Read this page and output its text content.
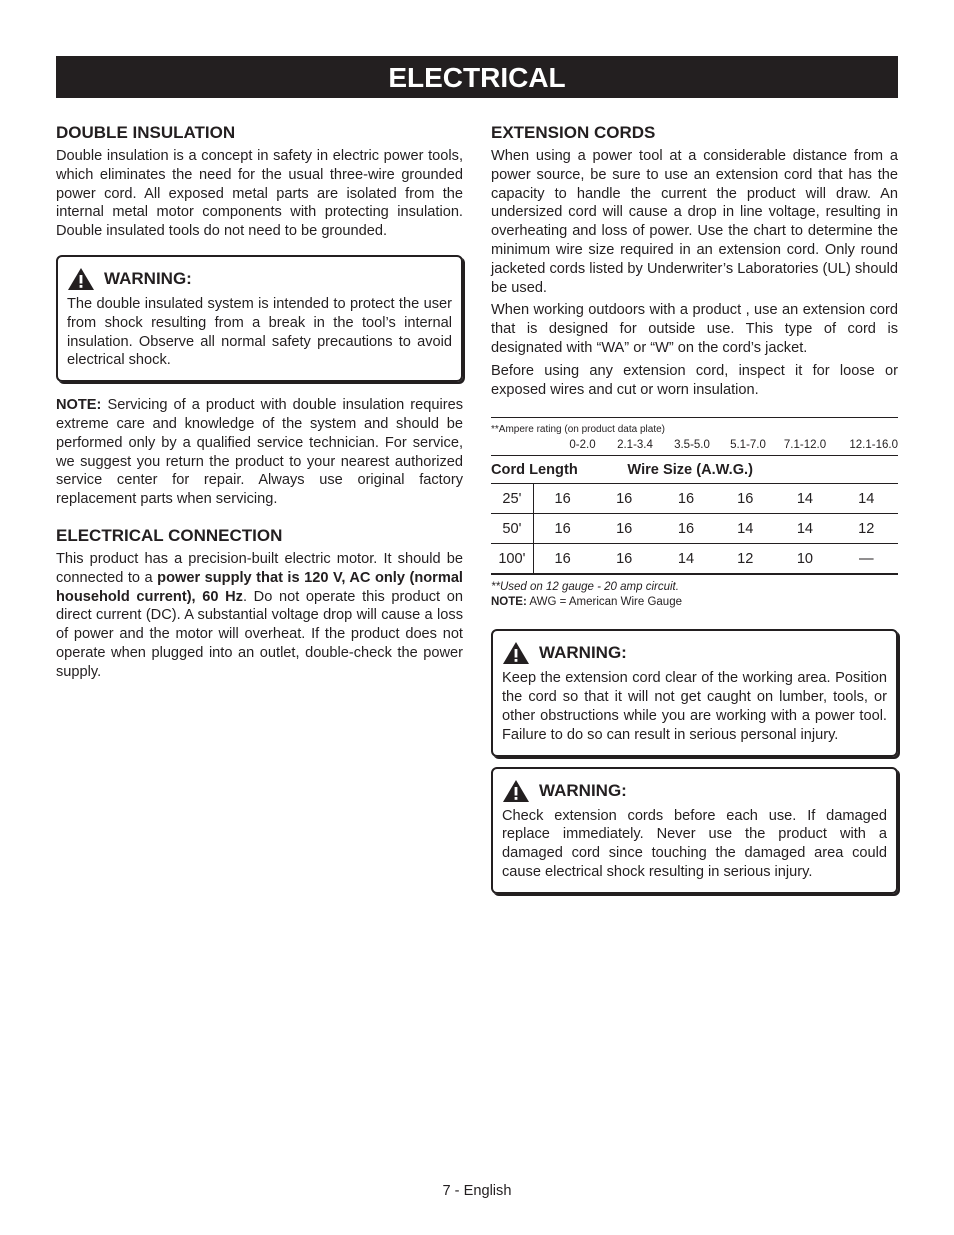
ELECTRICAL
DOUBLE INSULATION

Double insulation is a concept in safety in electric power tools, which eliminates the need for the usual three-wire grounded power cord. All exposed metal parts are isolated from the internal metal motor components with protecting insulation. Double insulated tools do not need to be grounded.

WARNING:

The double insulated system is intended to protect the user from shock resulting from a break in the tool’s internal insulation. Observe all normal safety precautions to avoid electrical shock.

NOTE: Servicing of a product with double insulation requires extreme care and knowledge of the system and should be performed only by a qualified service technician. For service, we suggest you return the product to your nearest authorized service center for repair. Always use original factory replacement parts when servicing.

ELECTRICAL CONNECTION

This product has a precision-built electric motor. It should be connected to a power supply that is 120 V, AC only (normal household current), 60 Hz. Do not operate this product on direct current (DC). A substantial voltage drop will cause a loss of power and the motor will overheat. If the product does not operate when plugged into an outlet, double-check the power supply.

EXTENSION CORDS

When using a power tool at a considerable distance from a power source, be sure to use an extension cord that has the capacity to handle the current the product will draw. An undersized cord will cause a drop in line voltage, resulting in overheating and loss of power. Use the chart to determine the minimum wire size required in an extension cord. Only round jacketed cords listed by Underwriter’s Laboratories (UL) should be used.

When working outdoors with a product , use an extension cord that is designed for outside use. This type of cord is designated with “WA” or “W” on the cord’s jacket.

Before using any extension cord, inspect it for loose or exposed wires and cut or worn insulation.

**Ampere rating (on product data plate)
0-2.0	2.1-3.4	3.5-5.0	5.1-7.0	7.1-12.0	12.1-16.0
Cord Length		Wire Size (A.W.G.)				
25'	16	16	16	16	14	14
50'	16	16	16	14	14	12
100'	16	16	14	12	10	—
**Used on 12 gauge - 20 amp circuit.
NOTE: AWG = American Wire Gauge
WARNING:

Keep the extension cord clear of the working area. Position the cord so that it will not get caught on lumber, tools, or other obstructions while you are working with a power tool. Failure to do so can result in serious personal injury.

WARNING:

Check extension cords before each use. If damaged replace immediately. Never use the product with a damaged cord since touching the damaged area could cause electrical shock resulting in serious injury.

7 - English
